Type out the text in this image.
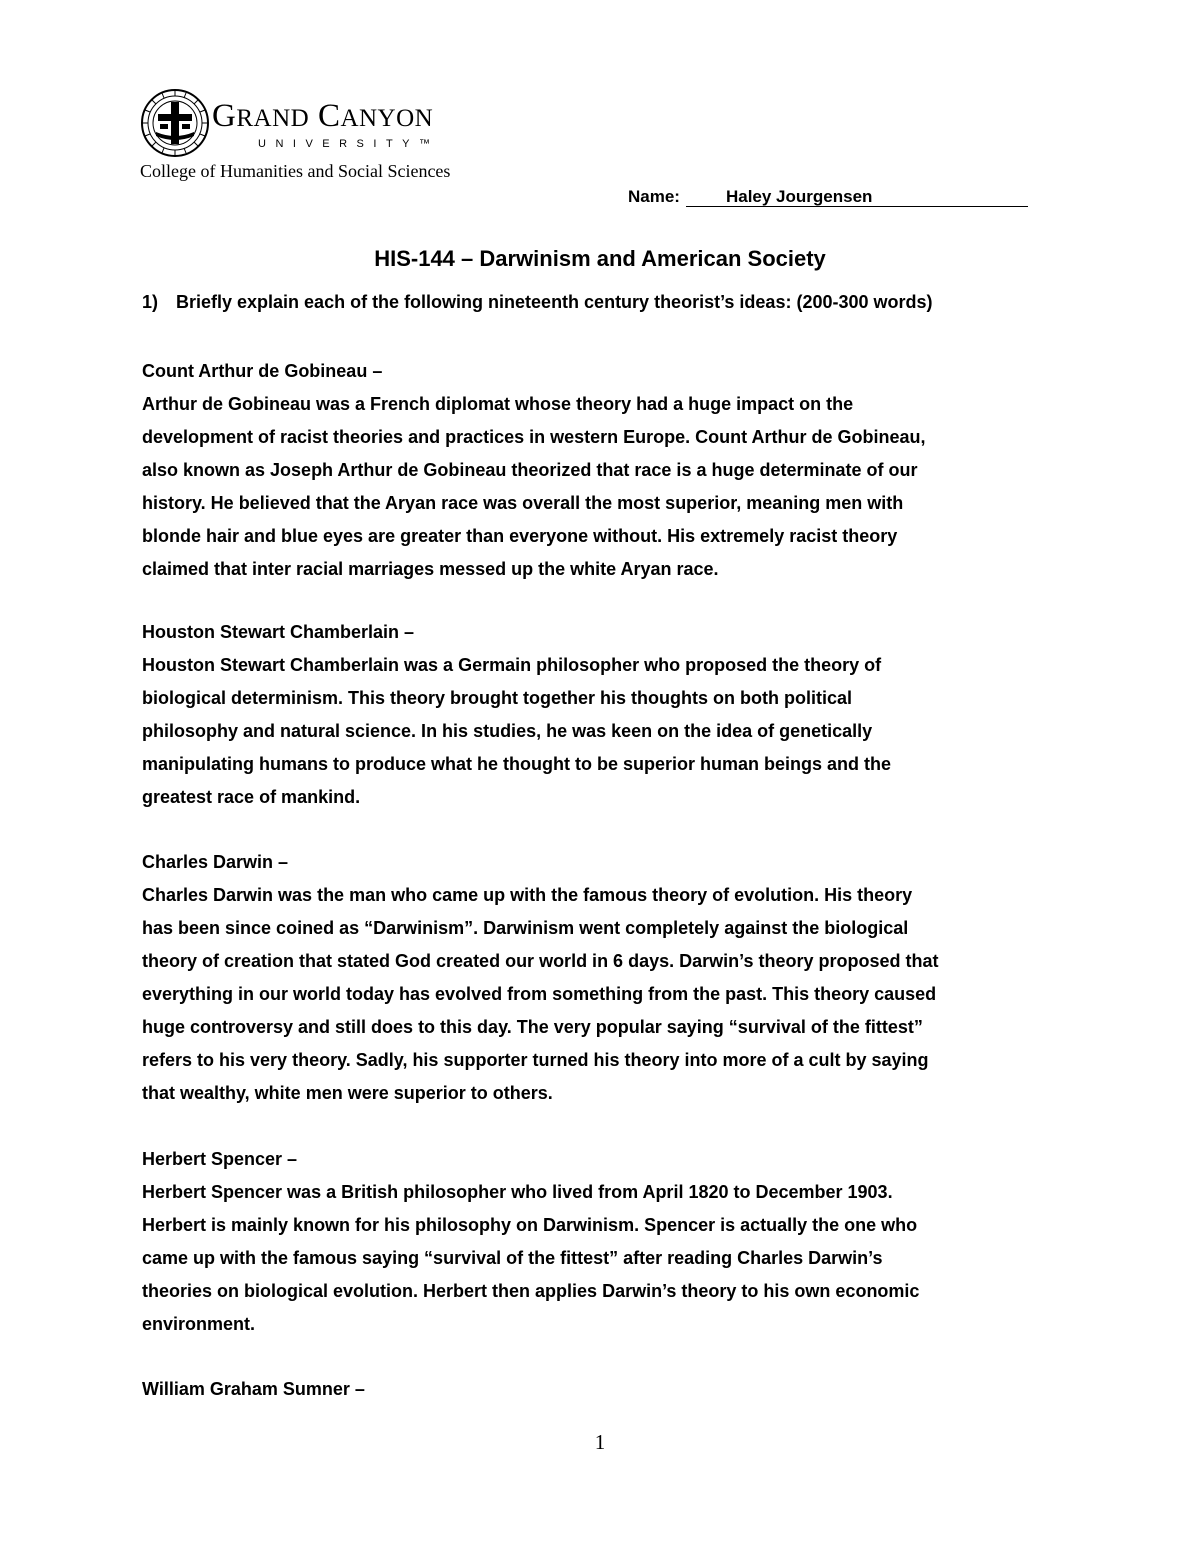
GRAND CANYON
UNIVERSITY™
College of Humanities and Social Sciences
Name:	Haley Jourgensen
HIS-144 – Darwinism and American Society
1) Briefly explain each of the following nineteenth century theorist’s ideas: (200-300 words)
Count Arthur de Gobineau –
Arthur de Gobineau was a French diplomat whose theory had a huge impact on the
development of racist theories and practices in western Europe. Count Arthur de Gobineau,
also known as Joseph Arthur de Gobineau theorized that race is a huge determinate of our
history. He believed that the Aryan race was overall the most superior, meaning men with
blonde hair and blue eyes are greater than everyone without. His extremely racist theory
claimed that inter racial marriages messed up the white Aryan race.
Houston Stewart Chamberlain –
Houston Stewart Chamberlain was a Germain philosopher who proposed the theory of
biological determinism. This theory brought together his thoughts on both political
philosophy and natural science. In his studies, he was keen on the idea of genetically
manipulating humans to produce what he thought to be superior human beings and the
greatest race of mankind.
Charles Darwin –
Charles Darwin was the man who came up with the famous theory of evolution. His theory
has been since coined as “Darwinism”. Darwinism went completely against the biological
theory of creation that stated God created our world in 6 days. Darwin’s theory proposed that
everything in our world today has evolved from something from the past. This theory caused
huge controversy and still does to this day. The very popular saying “survival of the fittest”
refers to his very theory. Sadly, his supporter turned his theory into more of a cult by saying
that wealthy, white men were superior to others.
Herbert Spencer –
Herbert Spencer was a British philosopher who lived from April 1820 to December 1903.
Herbert is mainly known for his philosophy on Darwinism. Spencer is actually the one who
came up with the famous saying “survival of the fittest” after reading Charles Darwin’s
theories on biological evolution. Herbert then applies Darwin’s theory to his own economic
environment.
William Graham Sumner –
1
